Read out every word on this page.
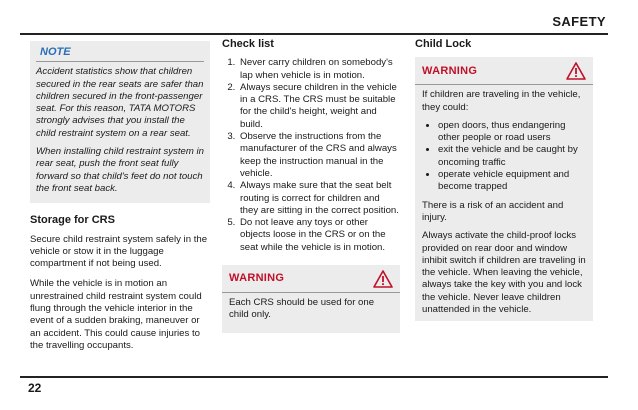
SAFETY
NOTE

Accident statistics show that children secured in the rear seats are safer than children secured in the front-passenger seat. For this reason, TATA MOTORS strongly advises that you install the child restraint system on a rear seat.

When installing child restraint system in rear seat, push the front seat fully forward so that child's feet do not touch the front seat back.

Storage for CRS

Secure child restraint system safely in the vehicle or stow it in the luggage compartment if not being used.

While the vehicle is in motion an unrestrained child restraint system could flung through the vehicle interior in the event of a sudden braking, maneuver or an accident. This could cause injuries to the travelling occupants.

Check list
1. Never carry children on somebody's lap when vehicle is in motion.
2. Always secure children in the vehicle in a CRS. The CRS must be suitable for the child's height, weight and build.
3. Observe the instructions from the manufacturer of the CRS and always keep the instruction manual in the vehicle.
4. Always make sure that the seat belt routing is correct for children and they are sitting in the correct position.
5. Do not leave any toys or other objects loose in the CRS or on the seat while the vehicle is in motion.
WARNING

Each CRS should be used for one child only.

Child Lock
WARNING

If children are traveling in the vehicle, they could:

• open doors, thus endangering other people or road users
• exit the vehicle and be caught by oncoming traffic
• operate vehicle equipment and become trapped

There is a risk of an accident and injury.

Always activate the child-proof locks provided on rear door and window inhibit switch if children are traveling in the vehicle. When leaving the vehicle, always take the key with you and lock the vehicle. Never leave children unattended in the vehicle.

22
